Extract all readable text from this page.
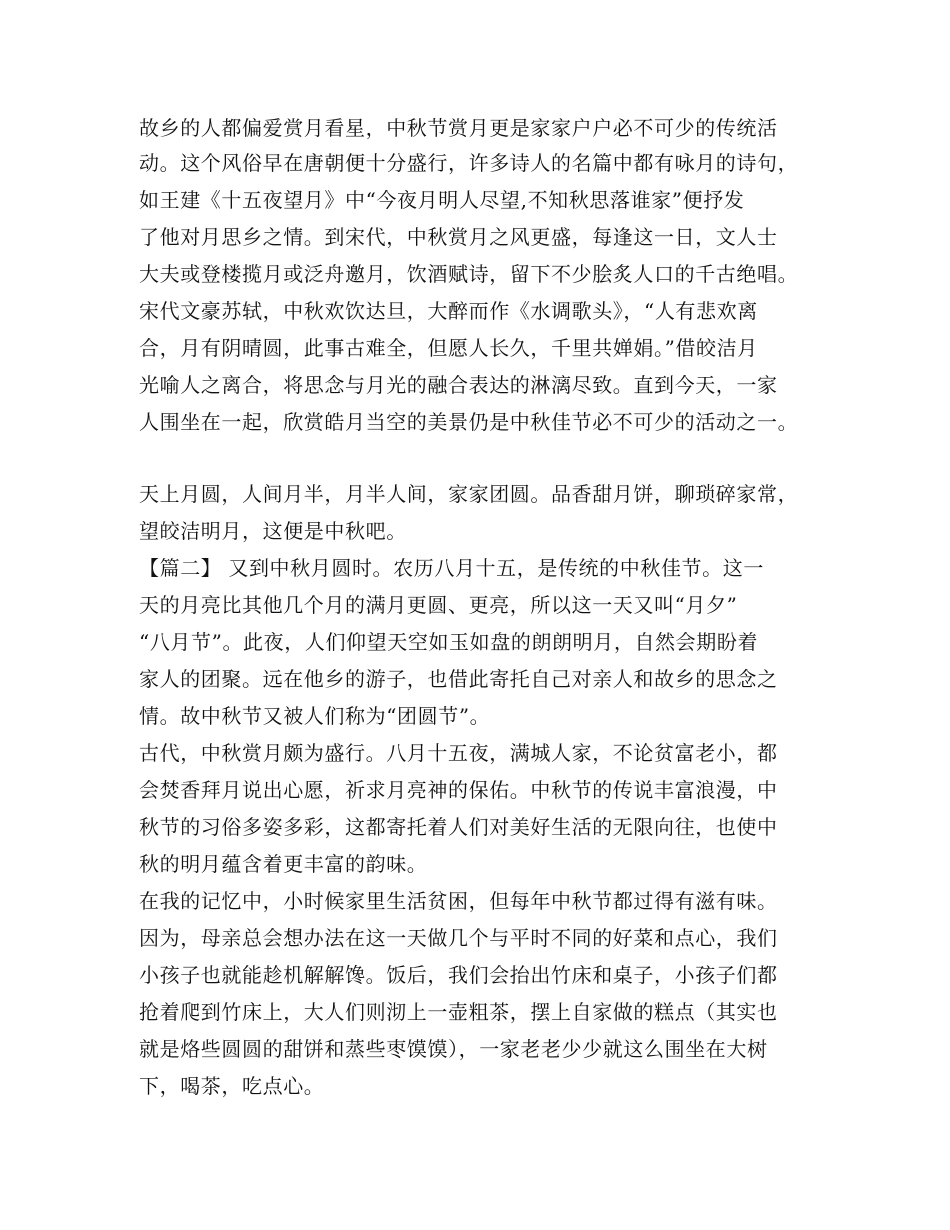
故乡的人都偏爱赏月看星，中秋节赏月更是家家户户必不可少的传统活
动。这个风俗早在唐朝便十分盛行，许多诗人的名篇中都有咏月的诗句，
如王建《十五夜望月》中“今夜月明人尽望,不知秋思落谁家”便抒发
了他对月思乡之情。到宋代，中秋赏月之风更盛，每逢这一日，文人士
大夫或登楼揽月或泛舟邀月，饮酒赋诗，留下不少脍炙人口的千古绝唱。
宋代文豪苏轼，中秋欢饮达旦，大醉而作《水调歌头》，“人有悲欢离
合，月有阴晴圆，此事古难全，但愿人长久，千里共婵娟。”借皎洁月
光喻人之离合，将思念与月光的融合表达的淋漓尽致。直到今天，一家
人围坐在一起，欣赏皓月当空的美景仍是中秋佳节必不可少的活动之一。
天上月圆，人间月半，月半人间，家家团圆。品香甜月饼，聊琐碎家常，
望皎洁明月，这便是中秋吧。
【篇二】 又到中秋月圆时。农历八月十五，是传统的中秋佳节。这一
天的月亮比其他几个月的满月更圆、更亮，所以这一天又叫“月夕”
“八月节”。此夜，人们仰望天空如玉如盘的朗朗明月，自然会期盼着
家人的团聚。远在他乡的游子，也借此寄托自己对亲人和故乡的思念之
情。故中秋节又被人们称为“团圆节”。
古代，中秋赏月颇为盛行。八月十五夜，满城人家，不论贫富老小，都
会焚香拜月说出心愿，祈求月亮神的保佑。中秋节的传说丰富浪漫，中
秋节的习俗多姿多彩，这都寄托着人们对美好生活的无限向往，也使中
秋的明月蕴含着更丰富的韵味。
在我的记忆中，小时候家里生活贫困，但每年中秋节都过得有滋有味。
因为，母亲总会想办法在这一天做几个与平时不同的好菜和点心，我们
小孩子也就能趁机解解馋。饭后，我们会抬出竹床和桌子，小孩子们都
抢着爬到竹床上，大人们则沏上一壶粗茶，摆上自家做的糕点（其实也
就是烙些圆圆的甜饼和蒸些枣馍馍），一家老老少少就这么围坐在大树
下，喝茶，吃点心。
